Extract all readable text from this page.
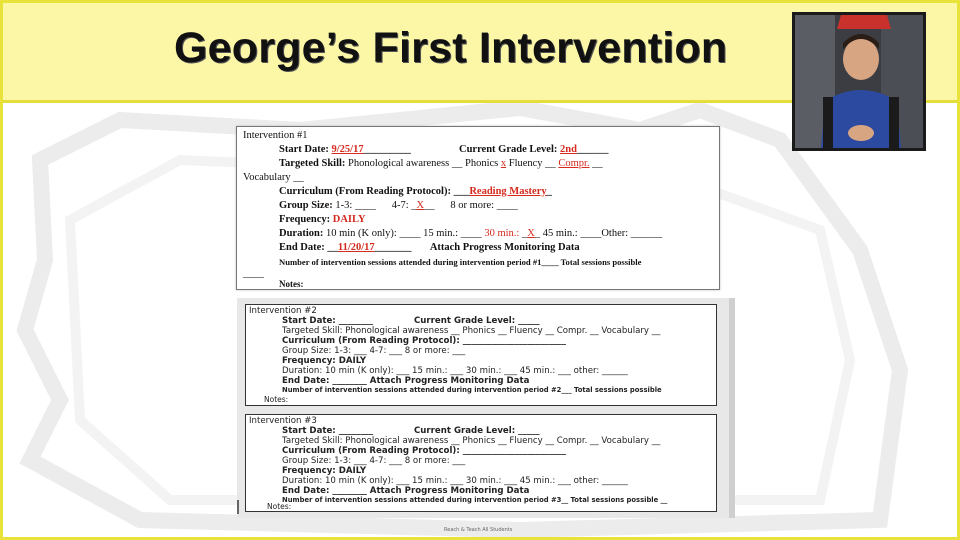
George’s First Intervention
Intervention #1
Start Date: 9/25/17_________	Current Grade Level: 2nd______
Targeted Skill: Phonological awareness __ Phonics x Fluency __ Compr. __
Vocabulary __
Curriculum (From Reading Protocol): ___Reading Mastery_
Group Size: 1-3: ____ 4-7: _X__ 8 or more: ____
Frequency: DAILY
Duration: 10 min (K only): ____ 15 min.: ____ 30 min.: _X_ 45 min.: ____Other: ______
End Date: __11/20/17_______ Attach Progress Monitoring Data
Number of intervention sessions attended during intervention period #1____ Total sessions possible
____
Notes:
Intervention #2
Start Date: ________	Current Grade Level: _____
Targeted Skill: Phonological awareness __ Phonics __ Fluency __ Compr. __ Vocabulary __
Curriculum (From Reading Protocol): ________________________
Group Size: 1-3: ___ 4-7: ___ 8 or more: ___
Frequency: DAILY
Duration: 10 min (K only): ___ 15 min.: ___ 30 min.: ___ 45 min.: ___ other: ______
End Date: ________ Attach Progress Monitoring Data
Number of intervention sessions attended during intervention period #2___ Total sessions possible
Notes:
Intervention #3
Start Date: ________	Current Grade Level: _____
Targeted Skill: Phonological awareness __ Phonics __ Fluency __ Compr. __ Vocabulary __
Curriculum (From Reading Protocol): ________________________
Group Size: 1-3: ___ 4-7: ___ 8 or more: ___
Frequency: DAILY
Duration: 10 min (K only): ___ 15 min.: ___ 30 min.: ___ 45 min.: ___ other: ______
End Date: ________ Attach Progress Monitoring Data
Number of intervention sessions attended during intervention period #3__ Total sessions possible __
Notes:
Reach & Teach All Students
